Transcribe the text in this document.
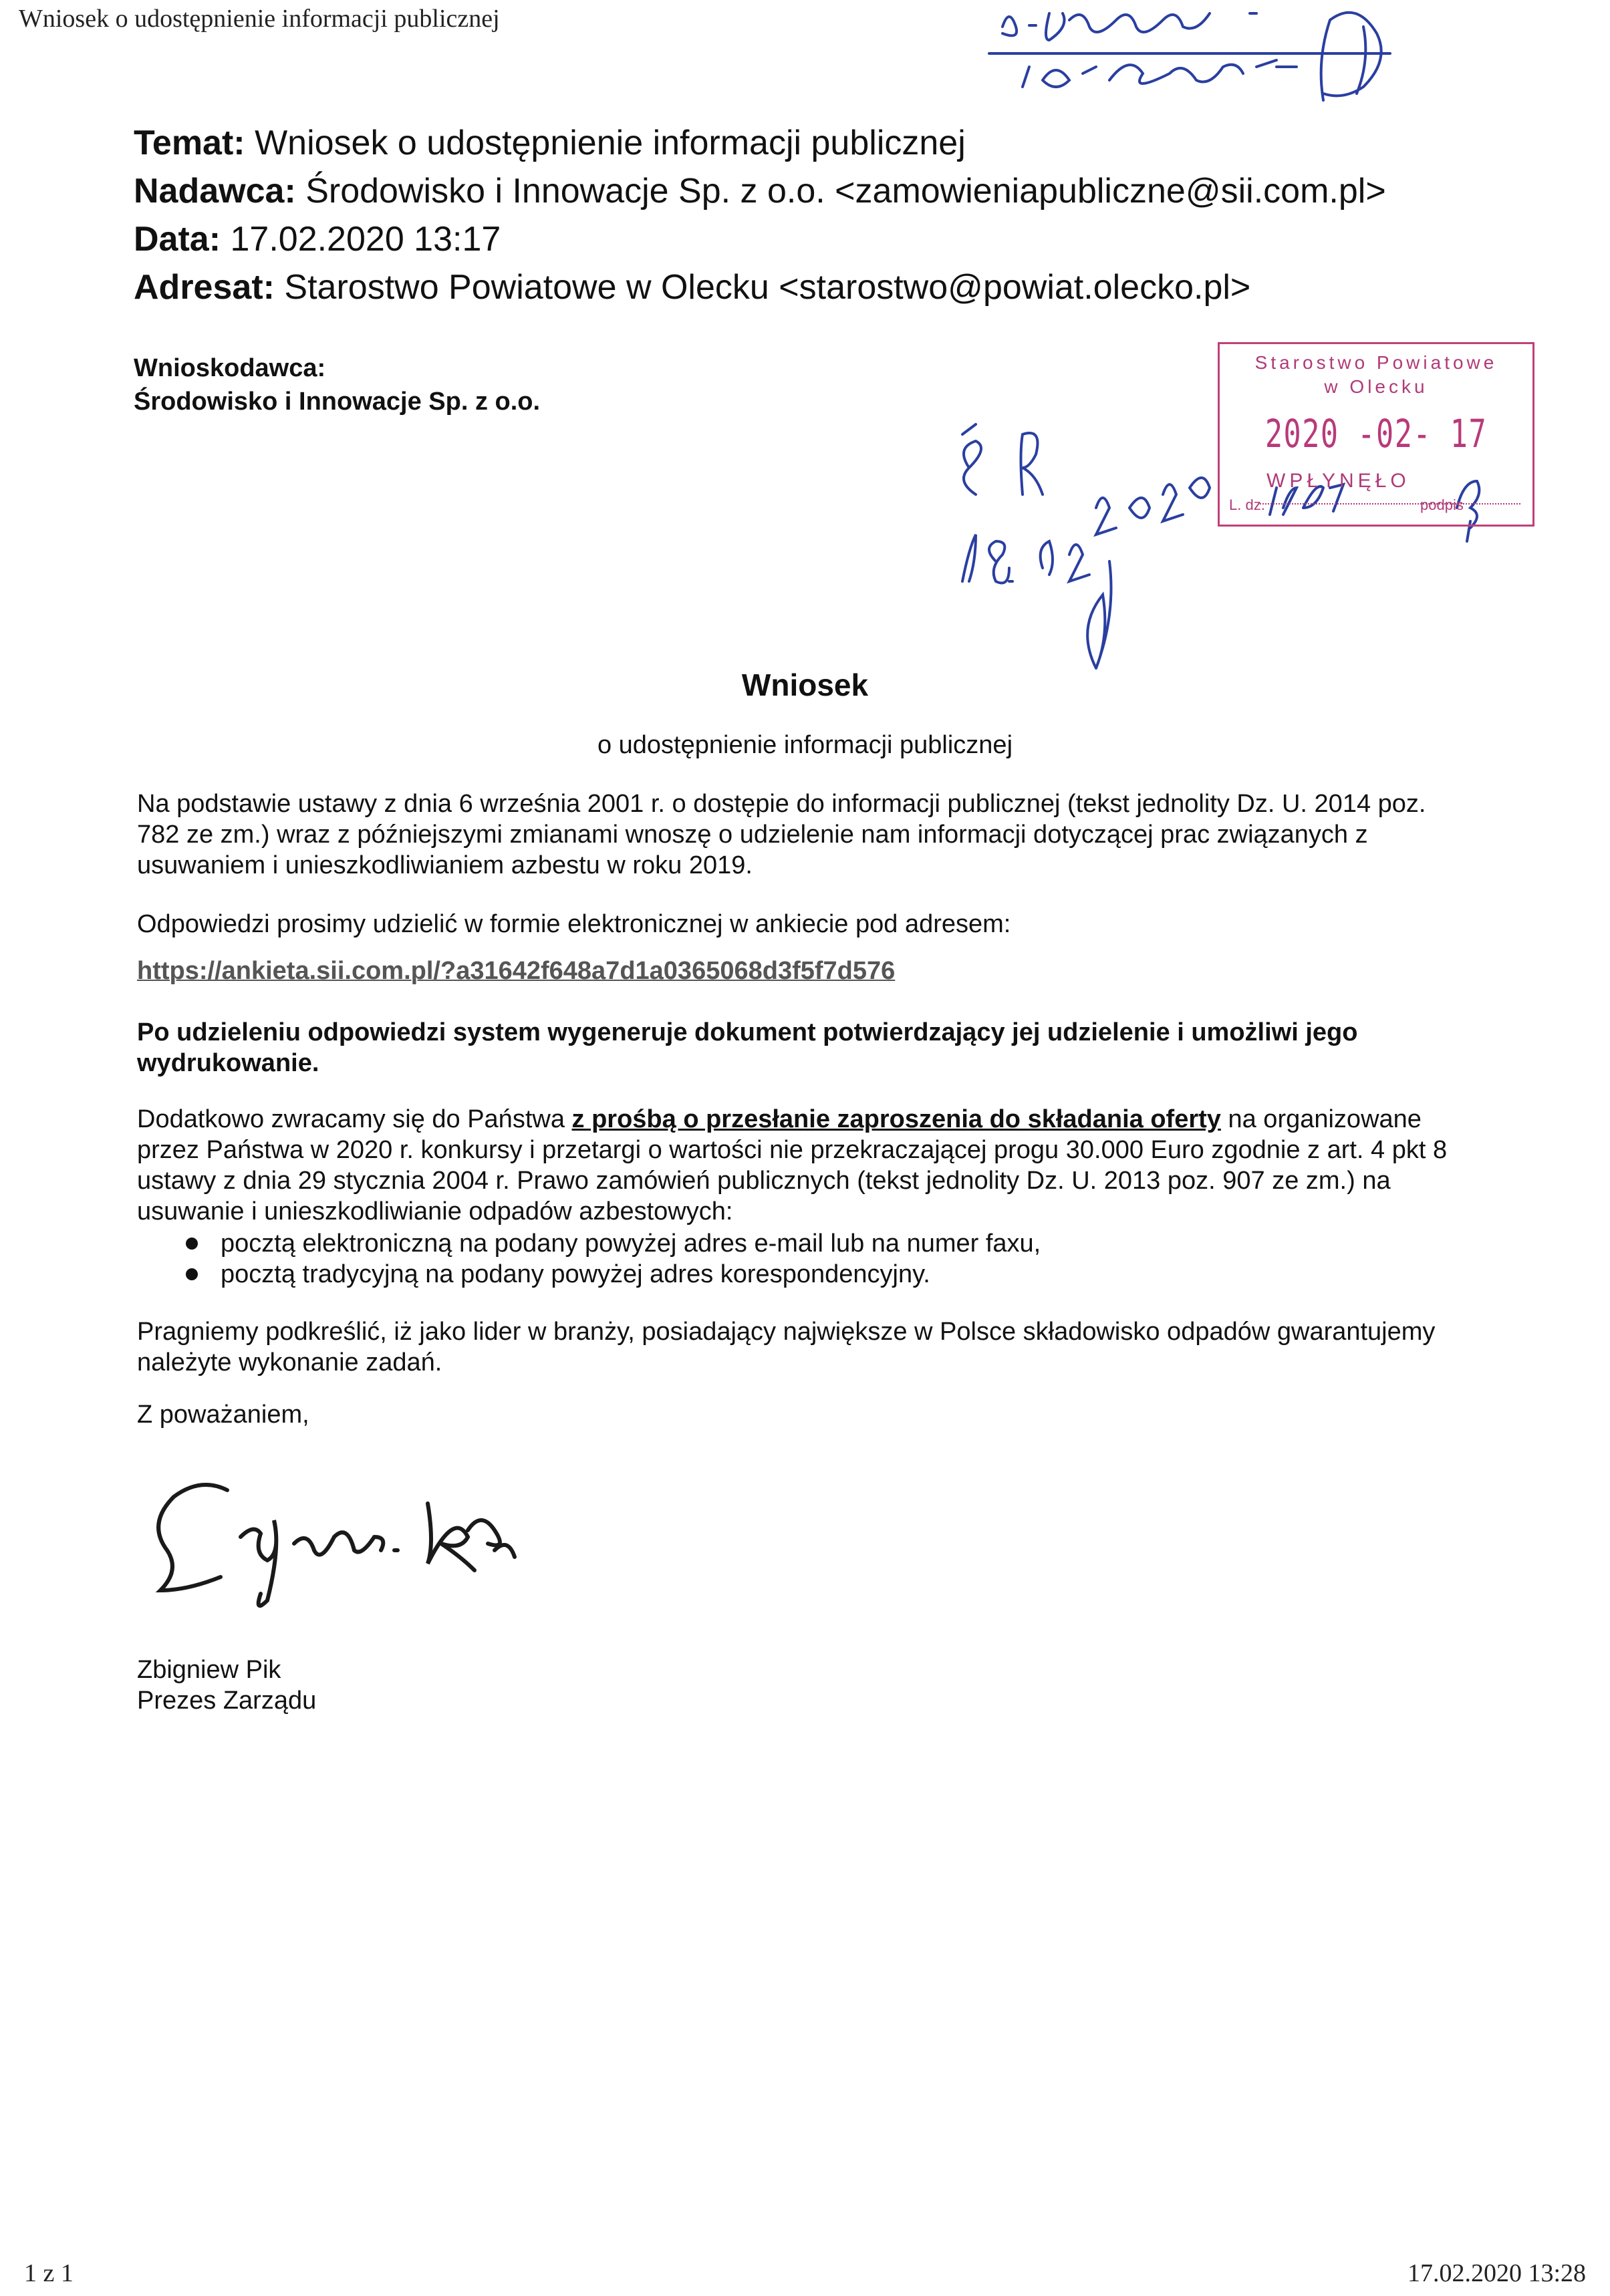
Wniosek o udostępnienie informacji publicznej
Temat: Wniosek o udostępnienie informacji publicznej
Nadawca: Środowisko i Innowacje Sp. z o.o. <zamowieniapubliczne@sii.com.pl>
Data: 17.02.2020 13:17
Adresat: Starostwo Powiatowe w Olecku <starostwo@powiat.olecko.pl>
Wnioskodawca:
Środowisko i Innowacje Sp. z o.o.
Starostwo Powiatowe
w Olecku
2020 -02- 17
WPŁYNĘŁO
L. dz.	podpis
Wniosek
o udostępnienie informacji publicznej
Na podstawie ustawy z dnia 6 września 2001 r. o dostępie do informacji publicznej (tekst jednolity Dz. U. 2014 poz. 782 ze zm.) wraz z późniejszymi zmianami wnoszę o udzielenie nam informacji dotyczącej prac związanych z usuwaniem i unieszkodliwianiem azbestu w roku 2019.
Odpowiedzi prosimy udzielić w formie elektronicznej w ankiecie pod adresem:
https://ankieta.sii.com.pl/?a31642f648a7d1a0365068d3f5f7d576
Po udzieleniu odpowiedzi system wygeneruje dokument potwierdzający jej udzielenie i umożliwi jego wydrukowanie.
Dodatkowo zwracamy się do Państwa z prośbą o przesłanie zaproszenia do składania oferty na organizowane przez Państwa w 2020 r. konkursy i przetargi o wartości nie przekraczającej progu 30.000 Euro zgodnie z art. 4 pkt 8 ustawy z dnia 29 stycznia 2004 r. Prawo zamówień publicznych (tekst jednolity Dz. U. 2013 poz. 907 ze zm.) na usuwanie i unieszkodliwianie odpadów azbestowych:
pocztą elektroniczną na podany powyżej adres e-mail lub na numer faxu,
pocztą tradycyjną na podany powyżej adres korespondencyjny.
Pragniemy podkreślić, iż jako lider w branży, posiadający największe w Polsce składowisko odpadów gwarantujemy należyte wykonanie zadań.
Z poważaniem,
Zbigniew Pik
Prezes Zarządu
1 z 1	17.02.2020 13:28
